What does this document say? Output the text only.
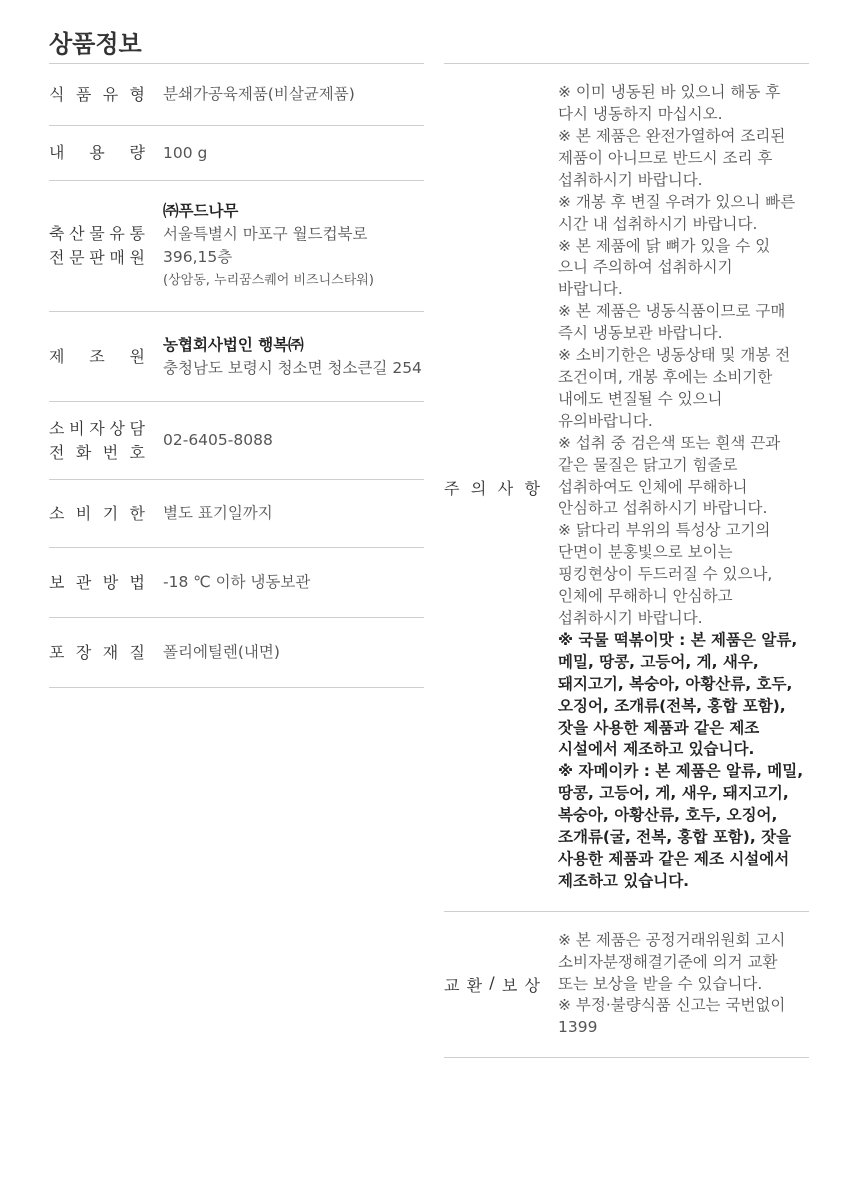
상품정보
식 품 유 형 분쇄가공육제품(비살균제품)
내 용 량 100 g
축 산 물 유 통
전 문 판 매 원
㈜푸드나무
서울특별시 마포구 월드컵북로
396,15층
(상암동, 누리꿈스퀘어 비즈니스타워)
제 조 원
농협회사법인 행복㈜
충청남도 보령시 청소면 청소큰길 254
소 비 자 상 담
전 화 번 호
02-6405-8088
소 비 기 한 별도 표기일까지
보 관 방 법 -18 ℃ 이하 냉동보관
포 장 재 질 폴리에틸렌(내면)
주 의 사 항

※ 이미 냉동된 바 있으니 해동 후

다시 냉동하지 마십시오.

※ 본 제품은 완전가열하여 조리된

제품이 아니므로 반드시 조리 후

섭취하시기 바랍니다.

※ 개봉 후 변질 우려가 있으니 빠른

시간 내 섭취하시기 바랍니다.

※ 본 제품에 닭 뼈가 있을 수 있

으니 주의하여 섭취하시기

바랍니다.

※ 본 제품은 냉동식품이므로 구매

즉시 냉동보관 바랍니다.

※ 소비기한은 냉동상태 및 개봉 전

조건이며, 개봉 후에는 소비기한

내에도 변질될 수 있으니

유의바랍니다.

※ 섭취 중 검은색 또는 흰색 끈과

같은 물질은 닭고기 힘줄로

섭취하여도 인체에 무해하니

안심하고 섭취하시기 바랍니다.

※ 닭다리 부위의 특성상 고기의

단면이 분홍빛으로 보이는

핑킹현상이 두드러질 수 있으나,

인체에 무해하니 안심하고

섭취하시기 바랍니다.

※ 국물 떡볶이맛 : 본 제품은 알류,

메밀, 땅콩, 고등어, 게, 새우,

돼지고기, 복숭아, 아황산류, 호두,

오징어, 조개류(전복, 홍합 포함),

잣을 사용한 제품과 같은 제조

시설에서 제조하고 있습니다.

※ 자메이카 : 본 제품은 알류, 메밀,

땅콩, 고등어, 게, 새우, 돼지고기,

복숭아, 아황산류, 호두, 오징어,

조개류(굴, 전복, 홍합 포함), 잣을

사용한 제품과 같은 제조 시설에서

제조하고 있습니다.

교 환 / 보 상

※ 본 제품은 공정거래위원회 고시

소비자분쟁해결기준에 의거 교환

또는 보상을 받을 수 있습니다.

※ 부정·불량식품 신고는 국번없이

1399
